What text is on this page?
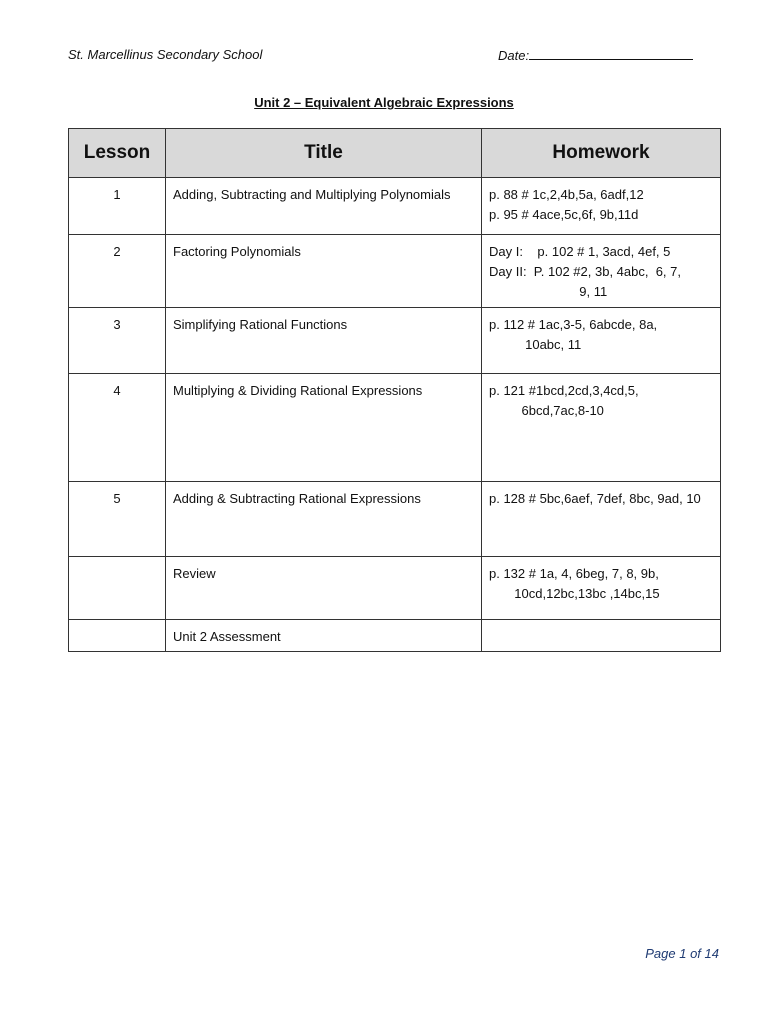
St. Marcellinus Secondary School	Date:
Unit 2 – Equivalent Algebraic Expressions
Lesson	Title	Homework

1	Adding, Subtracting and Multiplying Polynomials	p. 88 # 1c,2,4b,5a, 6adf,12
p. 95 # 4ace,5c,6f, 9b,11d

2	Factoring Polynomials	Day I:    p. 102 # 1, 3acd, 4ef, 5
Day II:  P. 102 #2, 3b, 4abc,  6, 7,
9, 11

3	Simplifying Rational Functions	p. 112 # 1ac,3-5, 6abcde, 8a,
10abc, 11

4	Multiplying & Dividing Rational Expressions	p. 121 #1bcd,2cd,3,4cd,5,
6bcd,7ac,8-10

5	Adding & Subtracting Rational Expressions	p. 128 # 5bc,6aef, 7def, 8bc, 9ad, 10

	Review	p. 132 # 1a, 4, 6beg, 7, 8, 9b,
10cd,12bc,13bc ,14bc,15

	Unit 2 Assessment	

Page 1 of 14
